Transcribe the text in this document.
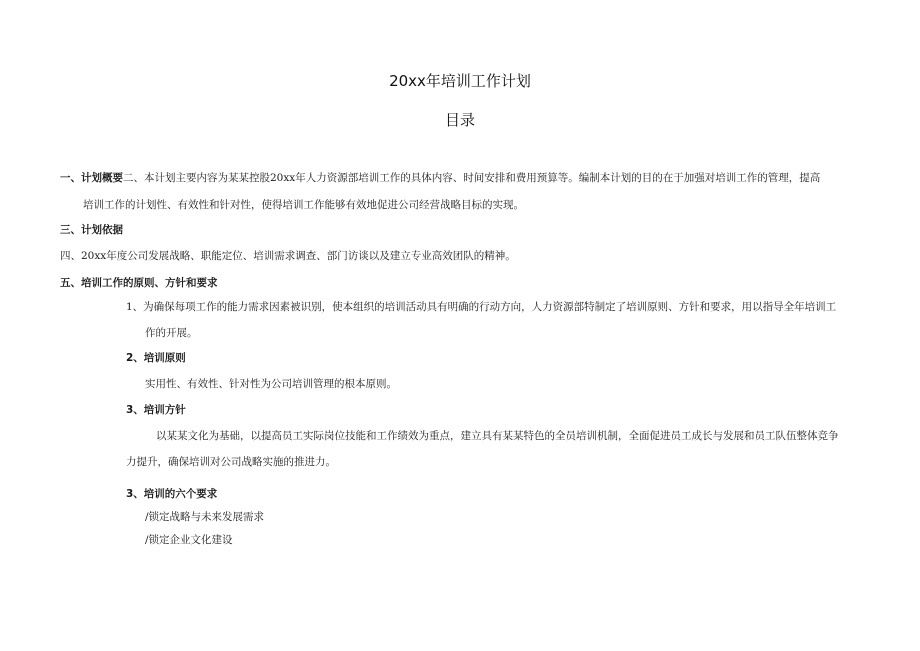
20xx年培训工作计划
目录
一、计划概要二、本计划主要内容为某某控股20xx年人力资源部培训工作的具体内容、时间安排和费用预算等。编制本计划的目的在于加强对培训工作的管理，提高
培训工作的计划性、有效性和针对性，使得培训工作能够有效地促进公司经营战略目标的实现。
三、计划依据
四、20xx年度公司发展战略、职能定位、培训需求调查、部门访谈以及建立专业高效团队的精神。
五、培训工作的原则、方针和要求
1、为确保每项工作的能力需求因素被识别，使本组织的培训活动具有明确的行动方向，人力资源部特制定了培训原则、方针和要求，用以指导全年培训工
作的开展。
2、培训原则
实用性、有效性、针对性为公司培训管理的根本原则。
3、培训方针
以某某文化为基础，以提高员工实际岗位技能和工作绩效为重点，建立具有某某特色的全员培训机制，全面促进员工成长与发展和员工队伍整体竞争
力提升，确保培训对公司战略实施的推进力。
3、培训的六个要求
/锁定战略与未来发展需求
/锁定企业文化建设
